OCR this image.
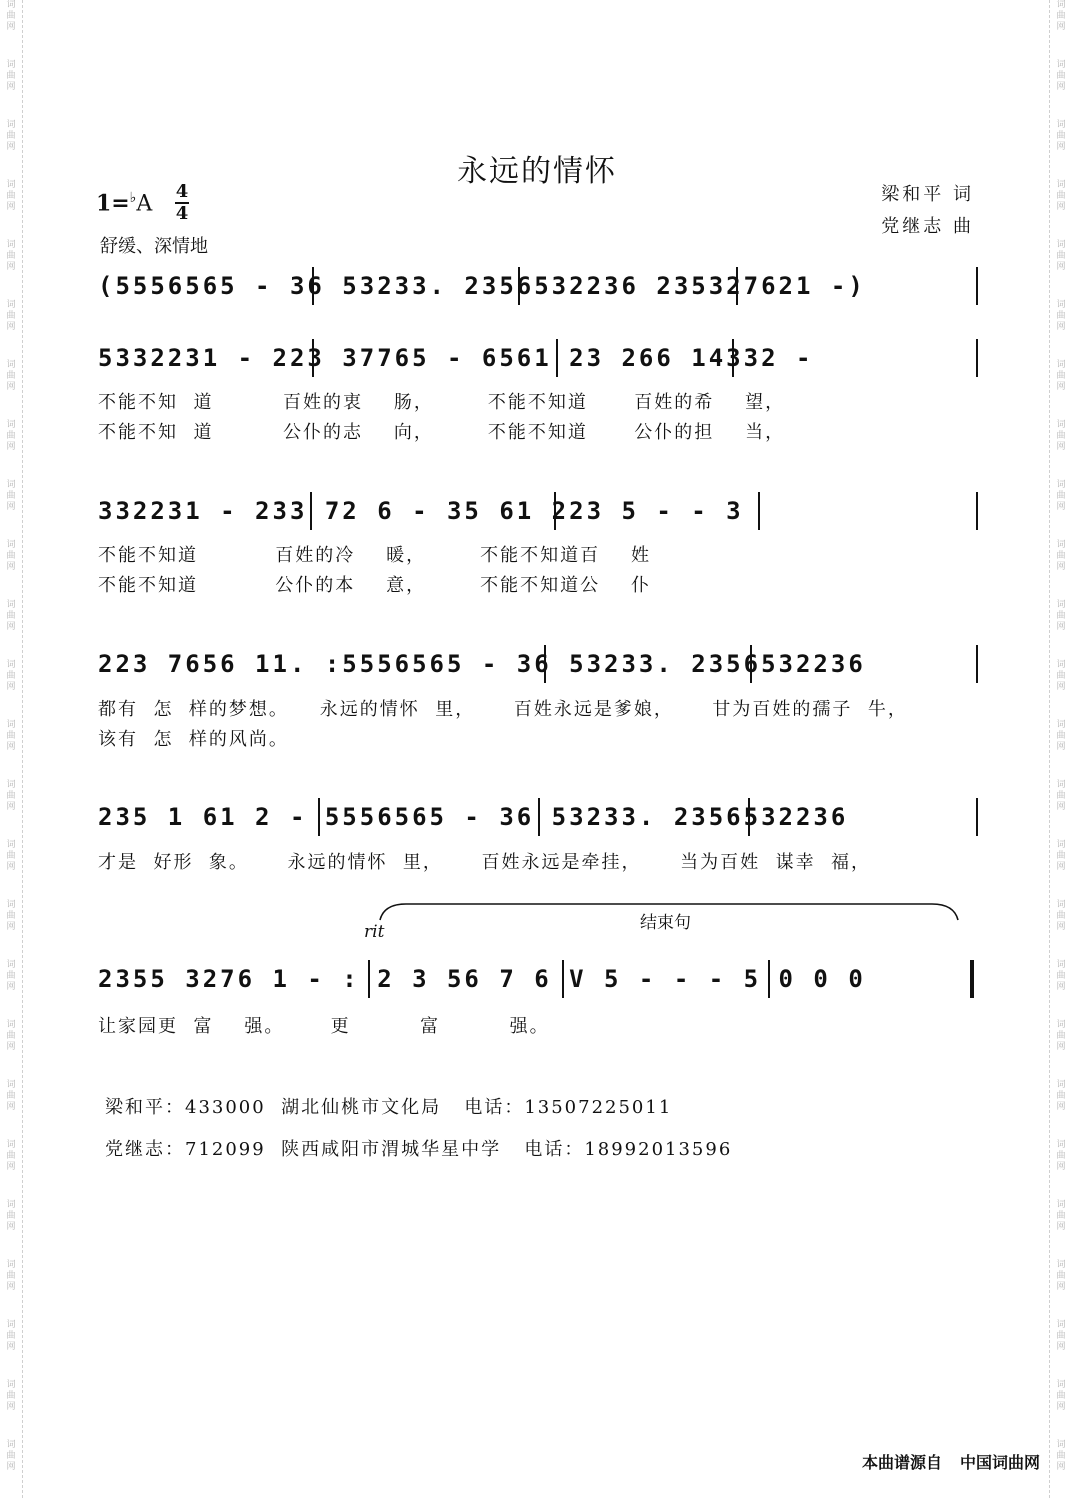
词
曲
网
词
曲
网
词
曲
网
词
曲
网
词
曲
网
词
曲
网
词
曲
网
词
曲
网
词
曲
网
词
曲
网
词
曲
网
词
曲
网
词
曲
网
词
曲
网
词
曲
网
词
曲
网
词
曲
网
词
曲
网
词
曲
网
词
曲
网
词
曲
网
词
曲
网
词
曲
网
词
曲
网
词
曲
网
词
曲
网
词
曲
网
词
曲
网
词
曲
网
词
曲
网
词
曲
网
词
曲
网
词
曲
网
词
曲
网
词
曲
网
词
曲
网
词
曲
网
词
曲
网
词
曲
网
词
曲
网
词
曲
网
词
曲
网
词
曲
网
词
曲
网
词
曲
网
词
曲
网
词
曲
网
词
曲
网
词
曲
网
词
曲
网
永远的情怀
1=♭A 4
4
舒缓、深情地
梁和平 词
党继志 曲
(5556565 - 36 53233. 2356532236 235327621 -)
5332231 - 223 37765 - 6561 23 266 14332 -
不能不知  道         百姓的衷    肠，       不能不知道      百姓的希    望，
不能不知  道         公仆的志    向，       不能不知道      公仆的担    当，
332231 - 233 72 6 - 35 61 223 5 - - 3
不能不知道          百姓的冷    暖，       不能不知道百    姓
不能不知道          公仆的本    意，       不能不知道公    仆
223 7656 11. :5556565 - 36 53233. 2356532236
都有  怎  样的梦想。    永远的情怀  里，     百姓永远是爹娘，     甘为百姓的孺子  牛，
该有  怎  样的风尚。
235 1 61 2 - 5556565 - 36 53233. 2356532236
才是  好形  象。     永远的情怀  里，     百姓永远是牵挂，     当为百姓  谋幸  福，
结束句
rit
2355 3276 1 - : 2 3 56 7 6 V 5 - - - 5 0 0 0
让家园更  富    强。      更         富         强。
梁和平：433000  湖北仙桃市文化局   电话：13507225011
党继志：712099  陕西咸阳市渭城华星中学   电话：18992013596
本曲谱源自 中国词曲网
